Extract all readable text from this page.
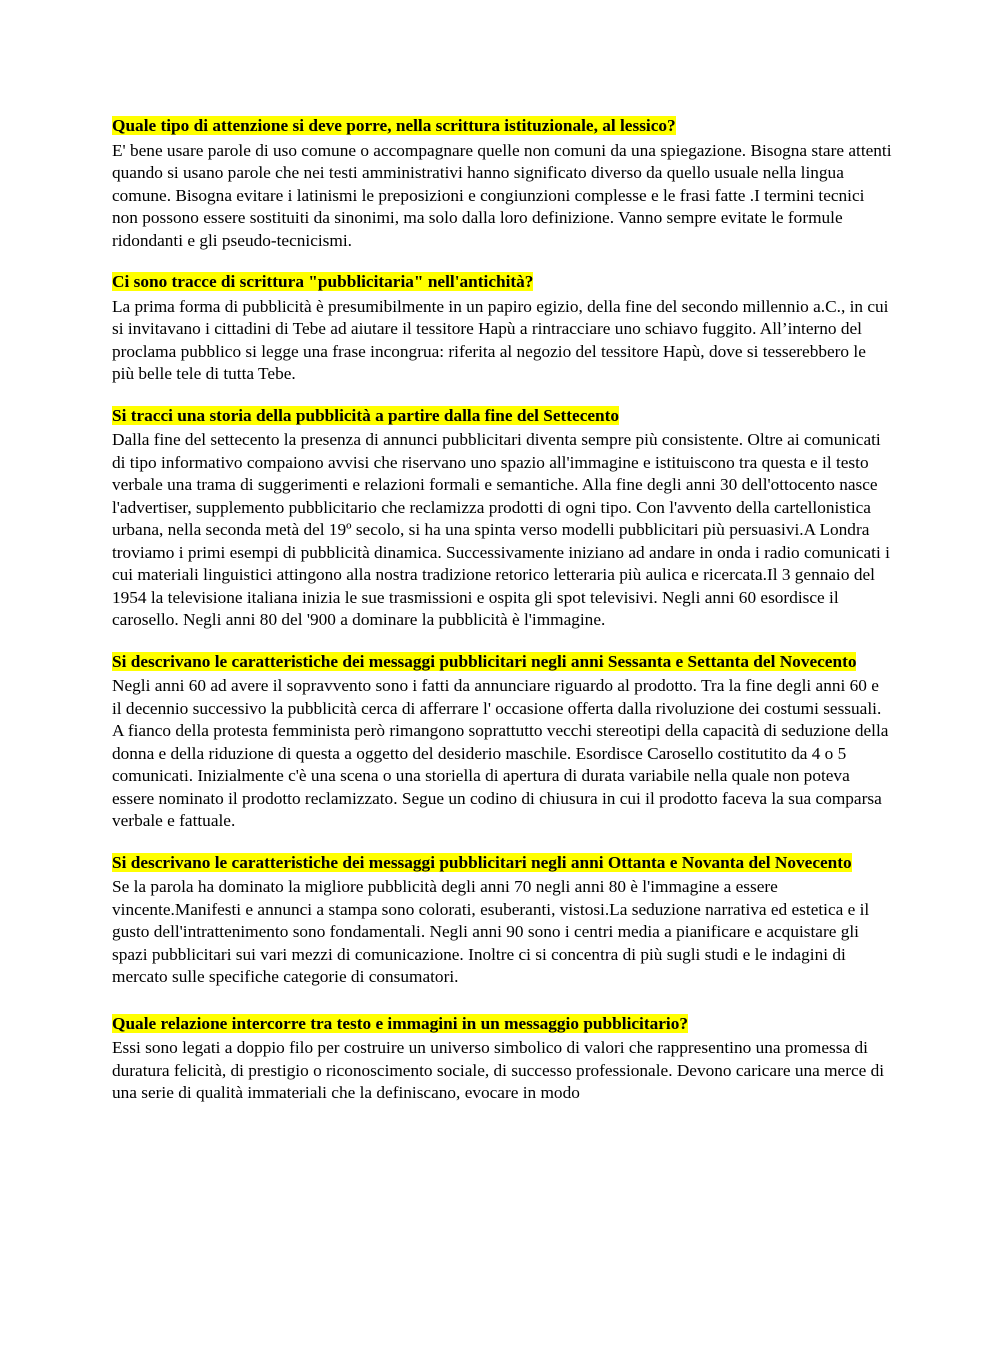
Quale tipo di attenzione si deve porre, nella scrittura istituzionale, al lessico?
E' bene usare parole di uso comune o accompagnare quelle non comuni da una spiegazione. Bisogna stare attenti quando si usano parole che nei testi amministrativi hanno significato diverso da quello usuale nella lingua comune. Bisogna evitare i latinismi le preposizioni e congiunzioni complesse e le frasi fatte .I termini tecnici non possono essere sostituiti da sinonimi, ma solo dalla loro definizione. Vanno sempre evitate le formule ridondanti e gli pseudo-tecnicismi.
Ci sono tracce di scrittura "pubblicitaria" nell'antichità?
La prima forma di pubblicità è presumibilmente in un papiro egizio, della fine del secondo millennio a.C., in cui si invitavano i cittadini di Tebe ad aiutare il tessitore Hapù a rintracciare uno schiavo fuggito. All’interno del proclama pubblico si legge una frase incongrua: riferita al negozio del tessitore Hapù, dove si tesserebbero le più belle tele di tutta Tebe.
Si tracci una storia della pubblicità a partire dalla fine del Settecento
Dalla fine del settecento la presenza di annunci pubblicitari diventa sempre più consistente. Oltre ai comunicati di tipo informativo compaiono avvisi che riservano uno spazio all'immagine e istituiscono tra questa e il testo verbale una trama di suggerimenti e relazioni formali e semantiche. Alla fine degli anni 30 dell'ottocento nasce l'advertiser, supplemento pubblicitario che reclamizza prodotti di ogni tipo. Con l'avvento della cartellonistica urbana, nella seconda metà del 19º secolo, si ha una spinta verso modelli pubblicitari più persuasivi.A Londra troviamo i primi esempi di pubblicità dinamica. Successivamente iniziano ad andare in onda i radio comunicati i cui materiali linguistici attingono alla nostra tradizione retorico letteraria più aulica e ricercata.Il 3 gennaio del 1954 la televisione italiana inizia le sue trasmissioni e ospita gli spot televisivi. Negli anni 60 esordisce il carosello. Negli anni 80 del '900 a dominare la pubblicità è l'immagine.
Si descrivano le caratteristiche dei messaggi pubblicitari negli anni Sessanta e Settanta del Novecento
Negli anni 60 ad avere il sopravvento sono i fatti da annunciare riguardo al prodotto. Tra la fine degli anni 60 e il decennio successivo la pubblicità cerca di afferrare l' occasione offerta dalla rivoluzione dei costumi sessuali. A fianco della protesta femminista però rimangono soprattutto vecchi stereotipi della capacità di seduzione della donna e della riduzione di questa a oggetto del desiderio maschile. Esordisce Carosello costitutito da 4 o 5 comunicati. Inizialmente c'è una scena o una storiella di apertura di durata variabile nella quale non poteva essere nominato il prodotto reclamizzato. Segue un codino di chiusura in cui il prodotto faceva la sua comparsa verbale e fattuale.
Si descrivano le caratteristiche dei messaggi pubblicitari negli anni Ottanta e Novanta del Novecento
Se la parola ha dominato la migliore pubblicità degli anni 70 negli anni 80 è l'immagine a essere vincente.Manifesti e annunci a stampa sono colorati, esuberanti, vistosi.La seduzione narrativa ed estetica e il gusto dell'intrattenimento sono fondamentali. Negli anni 90 sono i centri media a pianificare e acquistare gli spazi pubblicitari sui vari mezzi di comunicazione. Inoltre ci si concentra di più sugli studi e le indagini di mercato sulle specifiche categorie di consumatori.
Quale relazione intercorre tra testo e immagini in un messaggio pubblicitario?
Essi sono legati a doppio filo per costruire un universo simbolico di valori che rappresentino una promessa di duratura felicità, di prestigio o riconoscimento sociale, di successo professionale. Devono caricare una merce di una serie di qualità immateriali che la definiscano, evocare in modo
